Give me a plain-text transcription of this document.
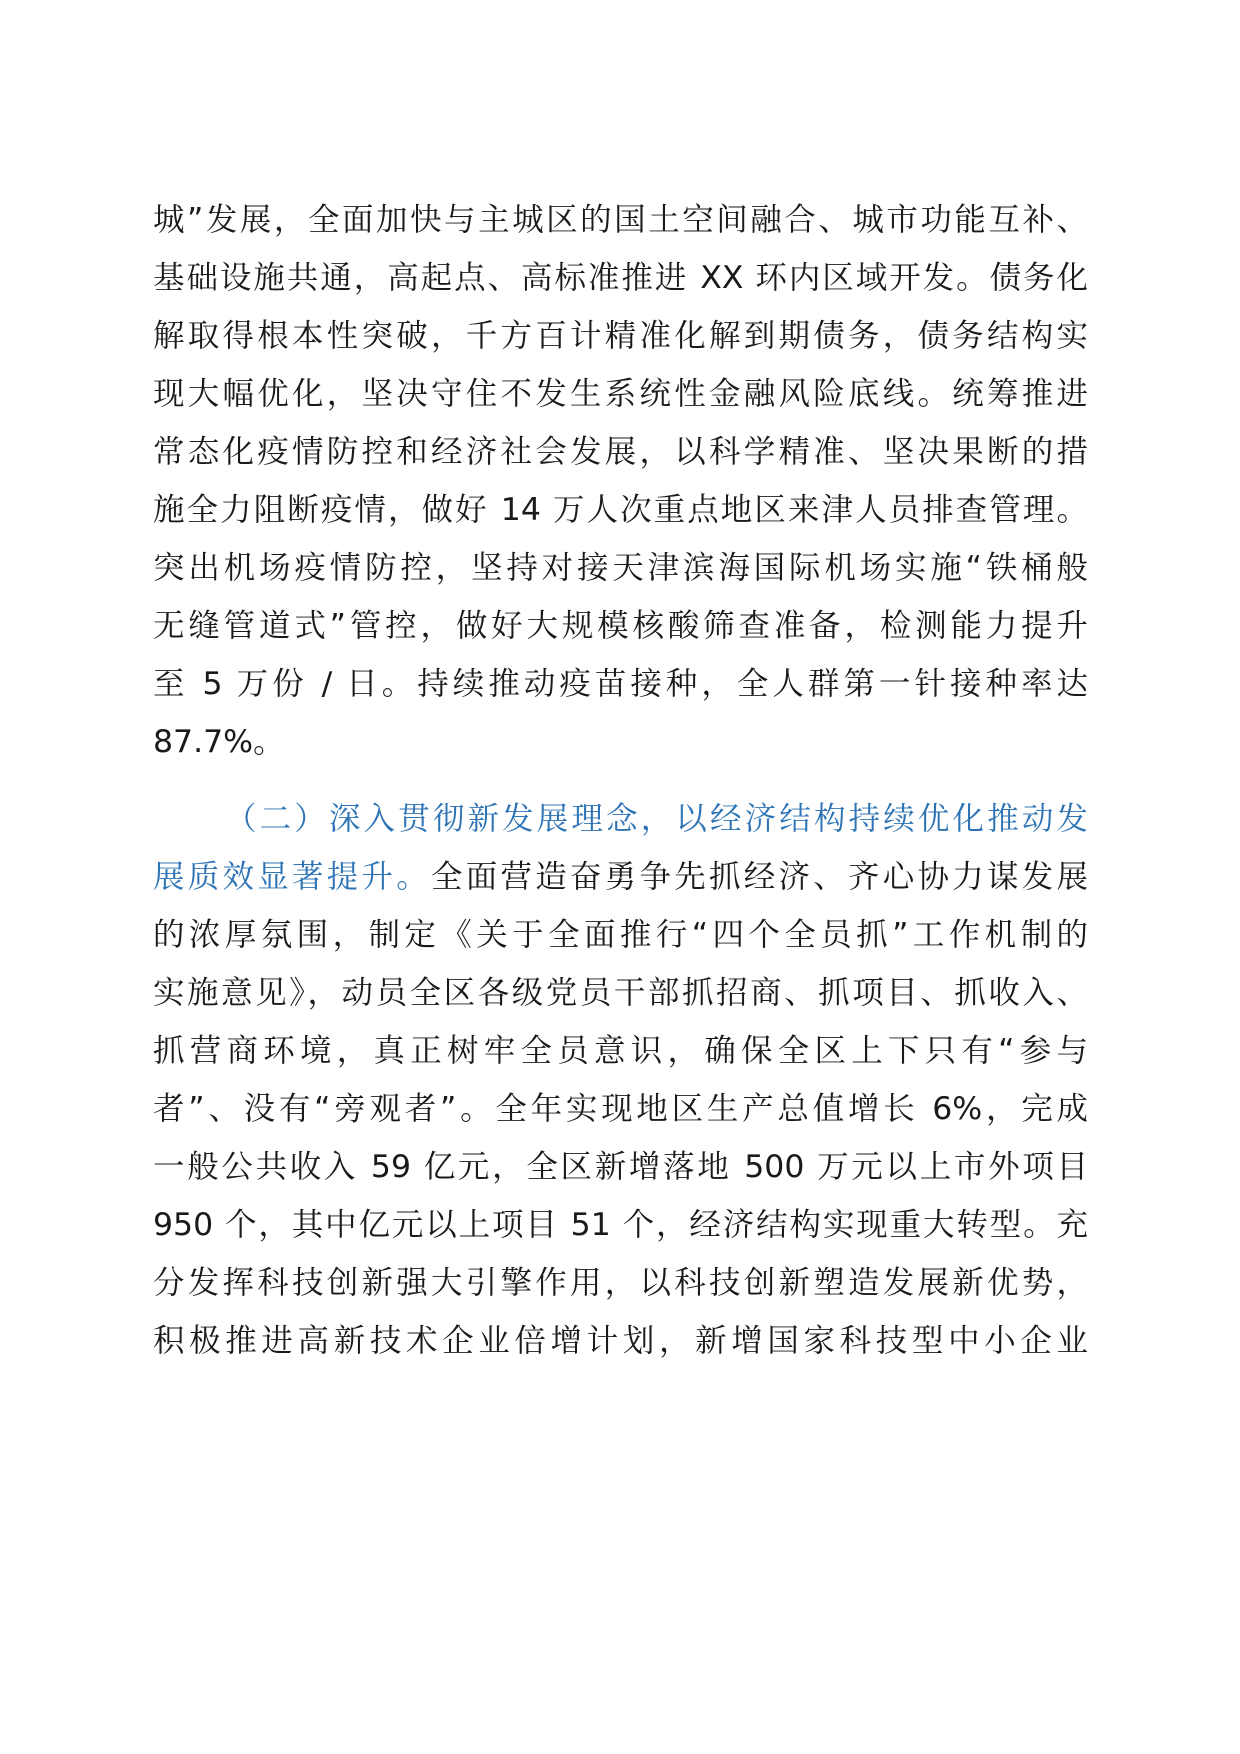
城”发展，全面加快与主城区的国土空间融合、城市功能互补、
基础设施共通，高起点、高标准推进 XX 环内区域开发。债务化
解取得根本性突破，千方百计精准化解到期债务，债务结构实
现大幅优化，坚决守住不发生系统性金融风险底线。统筹推进
常态化疫情防控和经济社会发展，以科学精准、坚决果断的措
施全力阻断疫情，做好 14 万人次重点地区来津人员排查管理。
突出机场疫情防控，坚持对接天津滨海国际机场实施“铁桶般
无缝管道式”管控，做好大规模核酸筛查准备，检测能力提升
至 5 万份 / 日。持续推动疫苗接种，全人群第一针接种率达
87.7%。
（二）深入贯彻新发展理念，以经济结构持续优化推动发
展质效显著提升。全面营造奋勇争先抓经济、齐心协力谋发展
的浓厚氛围，制定《关于全面推行“四个全员抓”工作机制的
实施意见》，动员全区各级党员干部抓招商、抓项目、抓收入、
抓营商环境，真正树牢全员意识，确保全区上下只有“参与
者”、没有“旁观者”。全年实现地区生产总值增长 6%，完成
一般公共收入 59 亿元，全区新增落地 500 万元以上市外项目
950 个，其中亿元以上项目 51 个，经济结构实现重大转型。充
分发挥科技创新强大引擎作用，以科技创新塑造发展新优势，
积极推进高新技术企业倍增计划，新增国家科技型中小企业
